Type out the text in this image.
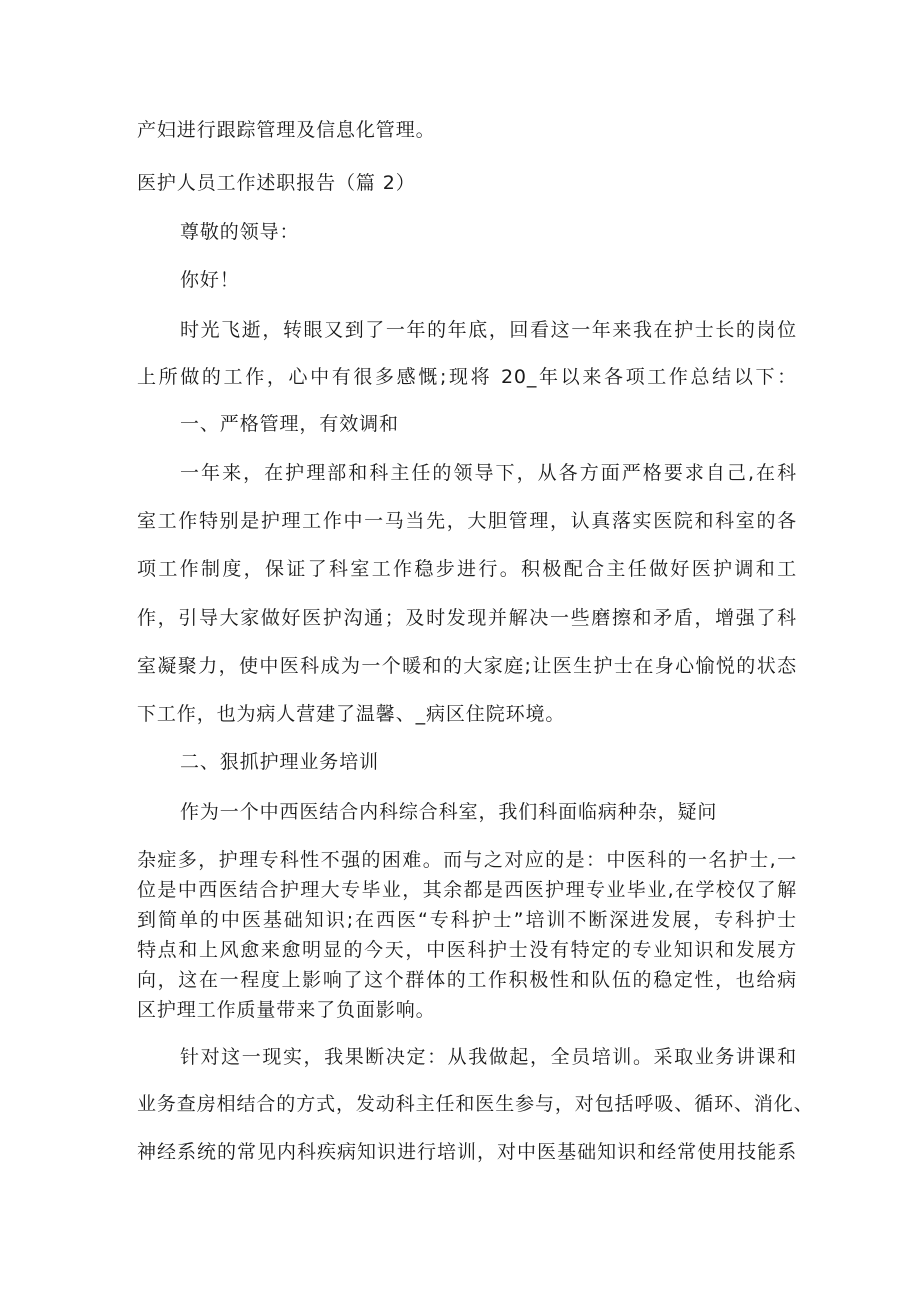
产妇进行跟踪管理及信息化管理。
医护人员工作述职报告（篇 2）
尊敬的领导：
你好！
时光飞逝，转眼又到了一年的年底，回看这一年来我在护士长的岗位
上所做的工作，心中有很多感慨;现将 20_年以来各项工作总结以下：
一、严格管理，有效调和
一年来，在护理部和科主任的领导下，从各方面严格要求自己,在科
室工作特别是护理工作中一马当先，大胆管理，认真落实医院和科室的各
项工作制度，保证了科室工作稳步进行。积极配合主任做好医护调和工
作，引导大家做好医护沟通；及时发现并解决一些磨擦和矛盾，增强了科
室凝聚力，使中医科成为一个暖和的大家庭;让医生护士在身心愉悦的状态
下工作，也为病人营建了温馨、_病区住院环境。
二、狠抓护理业务培训
作为一个中西医结合内科综合科室，我们科面临病种杂，疑问
杂症多，护理专科性不强的困难。而与之对应的是：中医科的一名护士,一
位是中西医结合护理大专毕业，其余都是西医护理专业毕业,在学校仅了解
到简单的中医基础知识;在西医“专科护士”培训不断深进发展，专科护士
特点和上风愈来愈明显的今天，中医科护士没有特定的专业知识和发展方
向，这在一程度上影响了这个群体的工作积极性和队伍的稳定性，也给病
区护理工作质量带来了负面影响。
针对这一现实，我果断决定：从我做起，全员培训。采取业务讲课和
业务查房相结合的方式，发动科主任和医生参与，对包括呼吸、循环、消化、
神经系统的常见内科疾病知识进行培训，对中医基础知识和经常使用技能系
